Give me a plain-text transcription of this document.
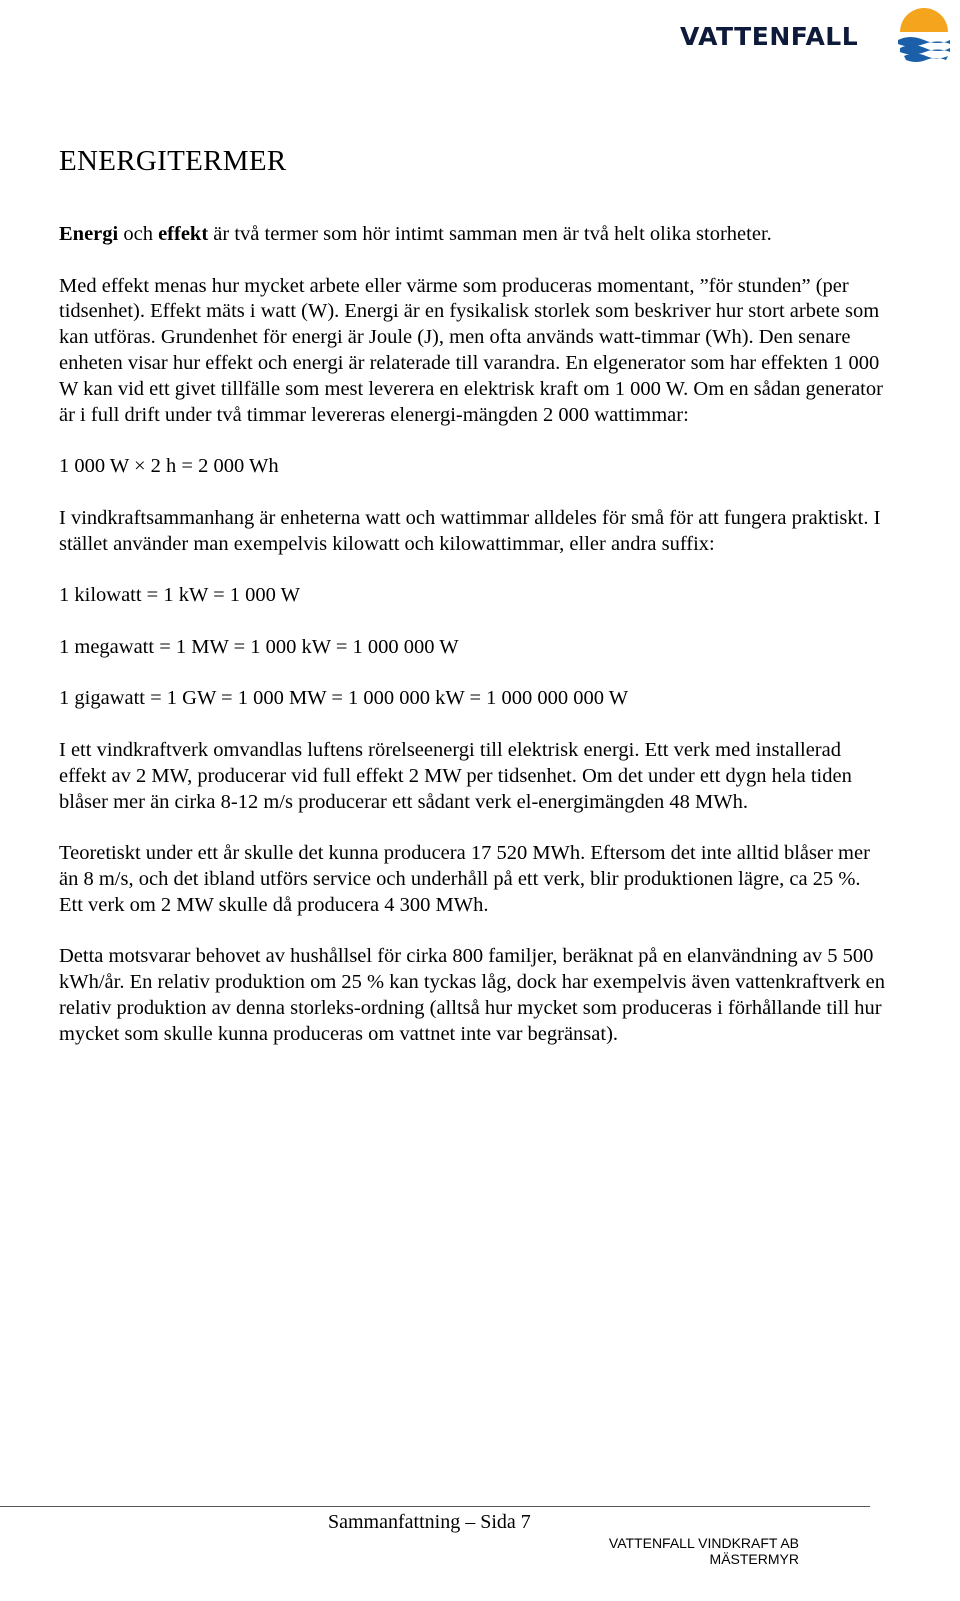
VATTENFALL
ENERGITERMER

Energi och effekt är två termer som hör intimt samman men är två helt olika storheter.

Med effekt menas hur mycket arbete eller värme som produceras momentant, ”för stunden” (per tidsenhet). Effekt mäts i watt (W). Energi är en fysikalisk storlek som beskriver hur stort arbete som kan utföras. Grundenhet för energi är Joule (J), men ofta används watt-timmar (Wh). Den senare enheten visar hur effekt och energi är relaterade till varandra. En elgenerator som har effekten 1 000 W kan vid ett givet tillfälle som mest leverera en elektrisk kraft om 1 000 W. Om en sådan generator är i full drift under två timmar levereras elenergi-mängden 2 000 wattimmar:

1 000 W × 2 h = 2 000 Wh

I vindkraftsammanhang är enheterna watt och wattimmar alldeles för små för att fungera praktiskt. I stället använder man exempelvis kilowatt och kilowattimmar, eller andra suffix:

1 kilowatt = 1 kW = 1 000 W

1 megawatt = 1 MW = 1 000 kW = 1 000 000 W

1 gigawatt = 1 GW = 1 000 MW = 1 000 000 kW = 1 000 000 000 W

I ett vindkraftverk omvandlas luftens rörelseenergi till elektrisk energi. Ett verk med installerad effekt av 2 MW, producerar vid full effekt 2 MW per tidsenhet. Om det under ett dygn hela tiden blåser mer än cirka 8-12 m/s producerar ett sådant verk el-energimängden 48 MWh.

Teoretiskt under ett år skulle det kunna producera 17 520 MWh. Eftersom det inte alltid blåser mer än 8 m/s, och det ibland utförs service och underhåll på ett verk, blir produktionen lägre, ca 25 %. Ett verk om 2 MW skulle då producera 4 300 MWh.

Detta motsvarar behovet av hushållsel för cirka 800 familjer, beräknat på en elanvändning av 5 500 kWh/år. En relativ produktion om 25 % kan tyckas låg, dock har exempelvis även vattenkraftverk en relativ produktion av denna storleks-ordning (alltså hur mycket som produceras i förhållande till hur mycket som skulle kunna produceras om vattnet inte var begränsat).

Sammanfattning – Sida 7
VATTENFALL VINDKRAFT AB
MÄSTERMYR
